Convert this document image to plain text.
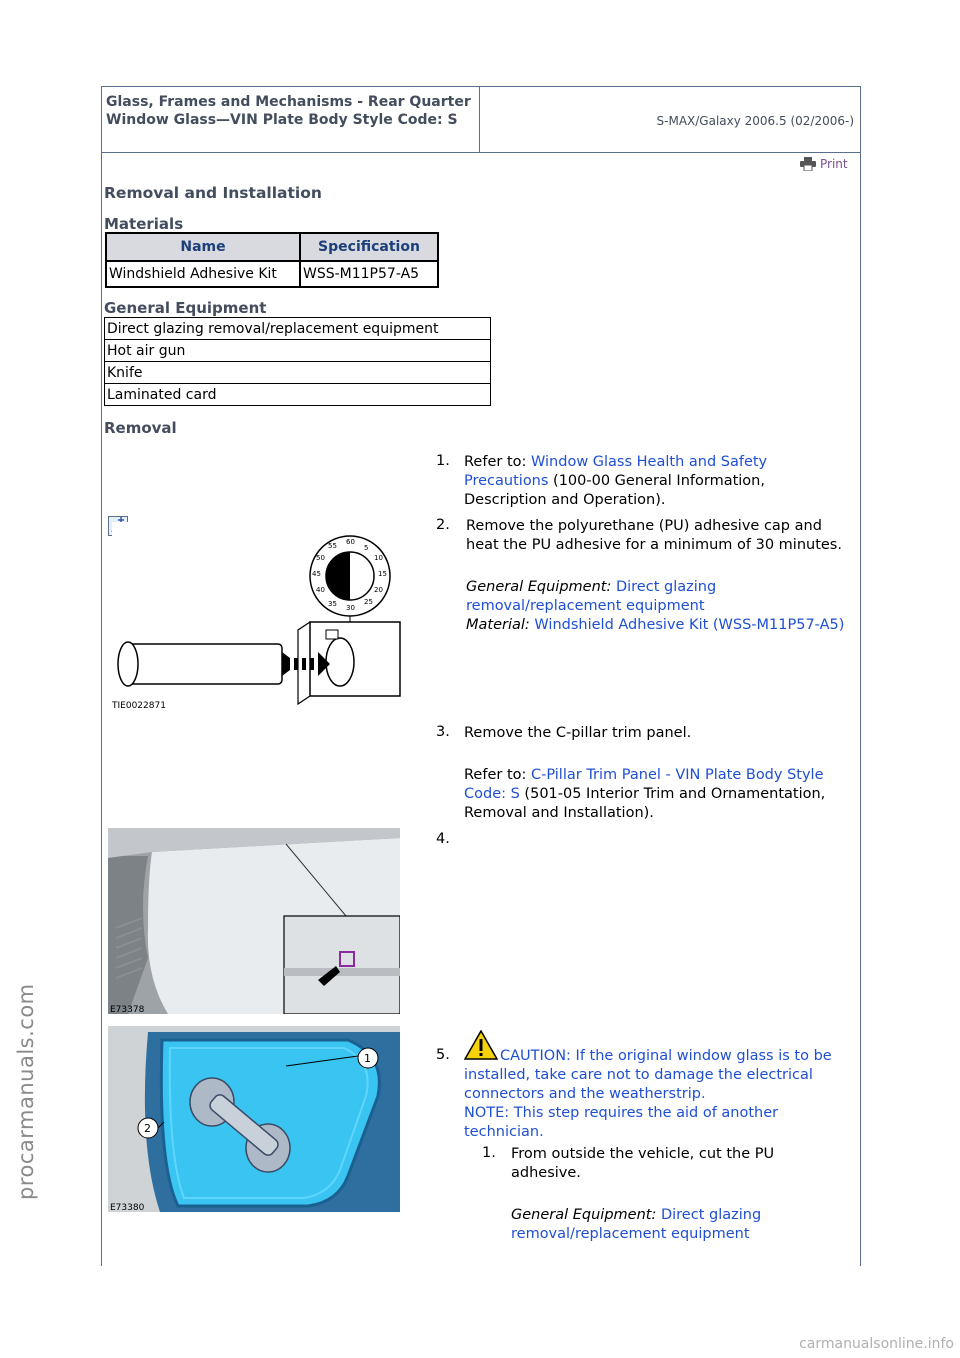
Glass, Frames and Mechanisms - Rear Quarter Window Glass—VIN Plate Body Style Code: S	S-MAX/Galaxy 2006.5 (02/2006-)
Print
Removal and Installation
Materials
Name	Specification
Windshield Adhesive Kit	WSS-M11P57-A5
General Equipment
Direct glazing removal/replacement equipment
Hot air gun
Knife
Laminated card
Removal
1. Refer to: Window Glass Health and Safety Precautions (100-00 General Information, Description and Operation).
60
5
10
15
20
25
30
35
40
45
50
55
TIE0022871
2. Remove the polyurethane (PU) adhesive cap and heat the PU adhesive for a minimum of 30 minutes.
General Equipment: Direct glazing removal/replacement equipment
Material: Windshield Adhesive Kit (WSS-M11P57-A5)
3. Remove the C-pillar trim panel.
Refer to: C-Pillar Trim Panel - VIN Plate Body Style Code: S (501-05 Interior Trim and Ornamentation, Removal and Installation).
E73378
4.
1
2
E73380
5.	CAUTION: If the original window glass is to be installed, take care not to damage the electrical connectors and the weatherstrip.
NOTE: This step requires the aid of another technician.
1. From outside the vehicle, cut the PU adhesive.
General Equipment: Direct glazing removal/replacement equipment
procarmanuals.com
carmanualsonline.info
